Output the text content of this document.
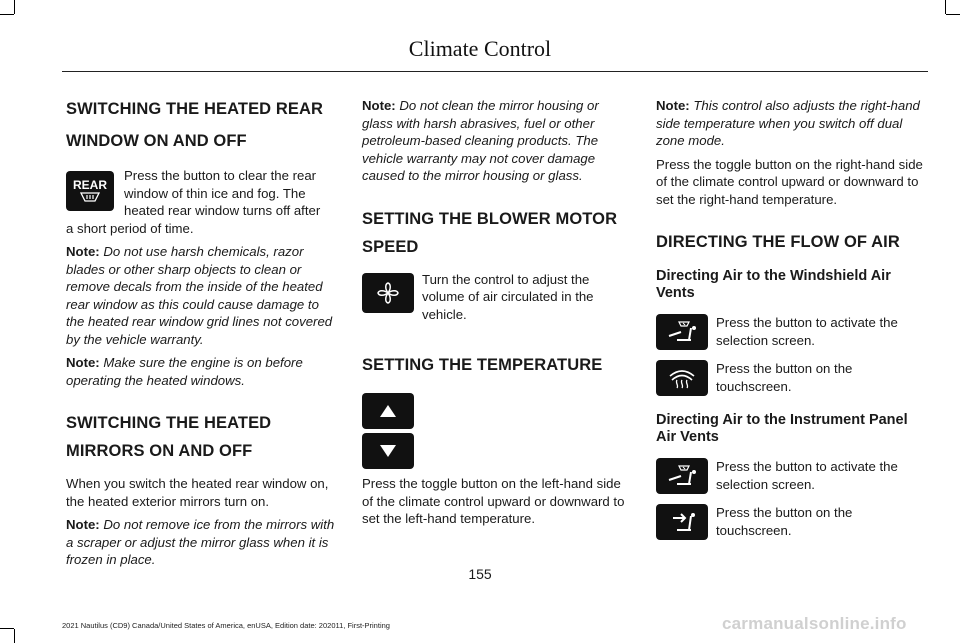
Climate Control
SWITCHING THE HEATED REAR
WINDOW ON AND OFF
REAR

Press the button to clear the rear window of thin ice and fog. The heated rear window turns off after

a short period of time.

Note: Do not use harsh chemicals, razor blades or other sharp objects to clean or remove decals from the inside of the heated rear window as this could cause damage to the heated rear window grid lines not covered by the vehicle warranty.

Note: Make sure the engine is on before operating the heated windows.

SWITCHING THE HEATED
MIRRORS ON AND OFF

When you switch the heated rear window on, the heated exterior mirrors turn on.

Note: Do not remove ice from the mirrors with a scraper or adjust the mirror glass when it is frozen in place.

Note: Do not clean the mirror housing or glass with harsh abrasives, fuel or other petroleum-based cleaning products. The vehicle warranty may not cover damage caused to the mirror housing or glass.

SETTING THE BLOWER MOTOR
SPEED

Turn the control to adjust the volume of air circulated in the vehicle.

SETTING THE TEMPERATURE

Press the toggle button on the left-hand side of the climate control upward or downward to set the left-hand temperature.

Note: This control also adjusts the right-hand side temperature when you switch off dual zone mode.

Press the toggle button on the right-hand side of the climate control upward or downward to set the right-hand temperature.

DIRECTING THE FLOW OF AIR
Directing Air to the Windshield Air Vents

Press the button to activate the selection screen.

Press the button on the touchscreen.

Directing Air to the Instrument Panel Air Vents

Press the button to activate the selection screen.

Press the button on the touchscreen.

155
2021 Nautilus (CD9) Canada/United States of America, enUSA, Edition date: 202011, First-Printing	carmanualsonline.info
